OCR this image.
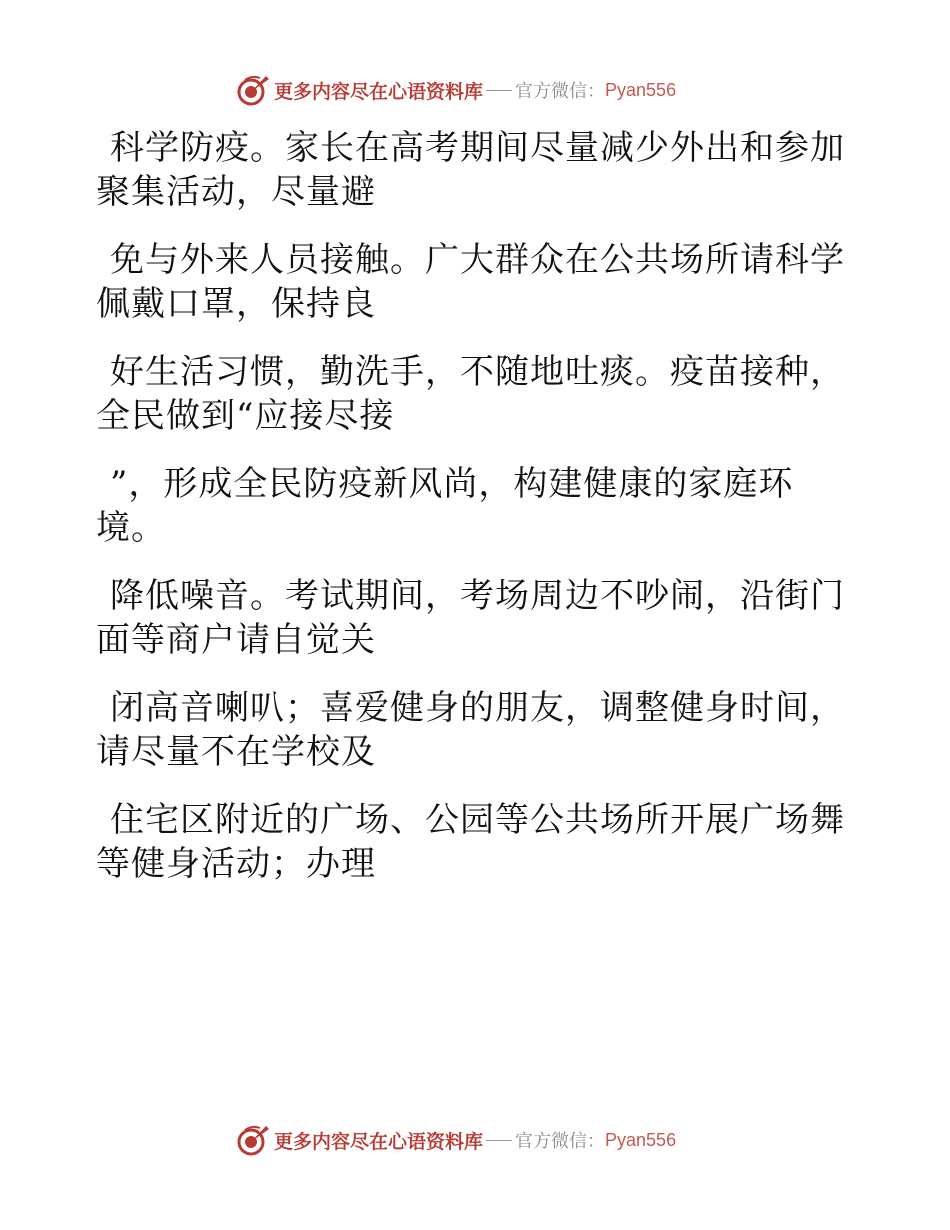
更多内容尽在心语资料库 官方微信： Pyan556
科学防疫。家长在高考期间尽量减少外出和参加
聚集活动，尽量避
免与外来人员接触。广大群众在公共场所请科学
佩戴口罩，保持良
好生活习惯，勤洗手，不随地吐痰。疫苗接种，
全民做到“应接尽接
”，形成全民防疫新风尚，构建健康的家庭环
境。
降低噪音。考试期间，考场周边不吵闹，沿街门
面等商户请自觉关
闭高音喇叭；喜爱健身的朋友，调整健身时间，
请尽量不在学校及
住宅区附近的广场、公园等公共场所开展广场舞
等健身活动；办理
更多内容尽在心语资料库 官方微信： Pyan556
